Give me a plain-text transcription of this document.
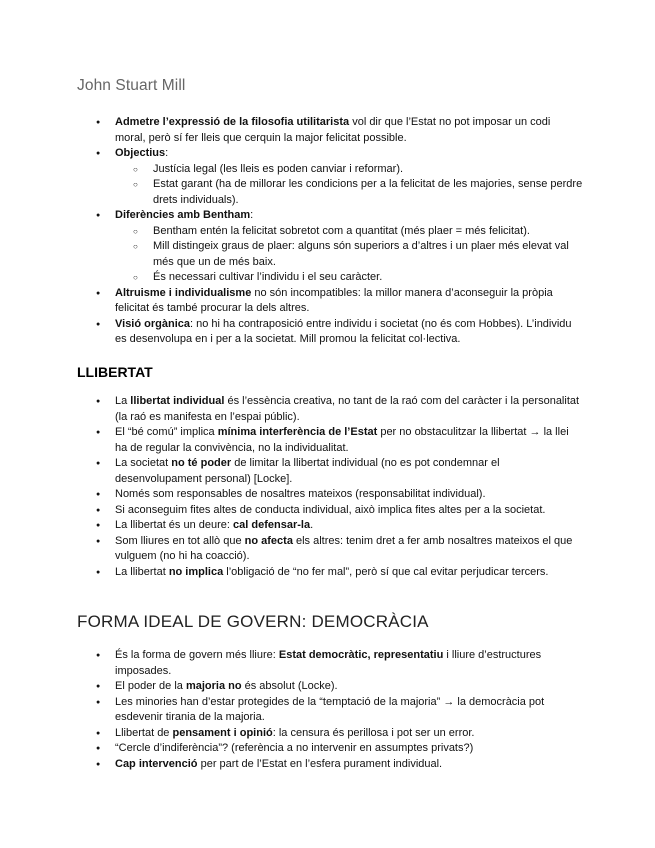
John Stuart Mill
● Admetre l’expressió de la filosofia utilitarista vol dir que l’Estat no pot imposar un codi moral, però sí fer lleis que cerquin la major felicitat possible.
● Objectius:
○ Justícia legal (les lleis es poden canviar i reformar).
○ Estat garant (ha de millorar les condicions per a la felicitat de les majories, sense perdre drets individuals).
● Diferències amb Bentham:
○ Bentham entén la felicitat sobretot com a quantitat (més plaer = més felicitat).
○ Mill distingeix graus de plaer: alguns són superiors a d’altres i un plaer més elevat val més que un de més baix.
○ És necessari cultivar l’individu i el seu caràcter.
● Altruisme i individualisme no són incompatibles: la millor manera d’aconseguir la pròpia felicitat és també procurar la dels altres.
● Visió orgànica: no hi ha contraposició entre individu i societat (no és com Hobbes). L’individu es desenvolupa en i per a la societat. Mill promou la felicitat col·lectiva.
LLIBERTAT
● La llibertat individual és l’essència creativa, no tant de la raó com del caràcter i la personalitat (la raó es manifesta en l’espai públic).
● El “bé comú” implica mínima interferència de l’Estat per no obstaculitzar la llibertat → la llei ha de regular la convivència, no la individualitat.
● La societat no té poder de limitar la llibertat individual (no es pot condemnar el desenvolupament personal) [Locke].
● Només som responsables de nosaltres mateixos (responsabilitat individual).
● Si aconseguim fites altes de conducta individual, això implica fites altes per a la societat.
● La llibertat és un deure: cal defensar-la.
● Som lliures en tot allò que no afecta els altres: tenim dret a fer amb nosaltres mateixos el que vulguem (no hi ha coacció).
● La llibertat no implica l’obligació de “no fer mal”, però sí que cal evitar perjudicar tercers.
FORMA IDEAL DE GOVERN: DEMOCRÀCIA
● És la forma de govern més lliure: Estat democràtic, representatiu i lliure d’estructures imposades.
● El poder de la majoria no és absolut (Locke).
● Les minories han d’estar protegides de la “temptació de la majoria” → la democràcia pot esdevenir tirania de la majoria.
● Llibertat de pensament i opinió: la censura és perillosa i pot ser un error.
● “Cercle d’indiferència”? (referència a no intervenir en assumptes privats?)
● Cap intervenció per part de l’Estat en l’esfera purament individual.
